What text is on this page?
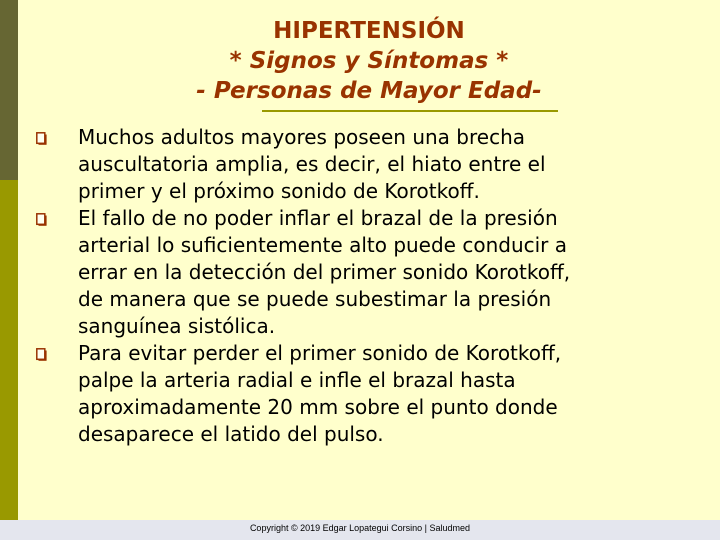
HIPERTENSIÓN
* Signos y Síntomas *
- Personas de Mayor Edad-
Muchos adultos mayores poseen una brecha
auscultatoria amplia, es decir, el hiato entre el
primer y el próximo sonido de Korotkoff.
El fallo de no poder inflar el brazal de la presión
arterial lo suficientemente alto puede conducir a
errar en la detección del primer sonido Korotkoff,
de manera que se puede subestimar la presión
sanguínea sistólica.
Para evitar perder el primer sonido de Korotkoff,
palpe la arteria radial e infle el brazal hasta
aproximadamente 20 mm sobre el punto donde
desaparece el latido del pulso.
Copyright © 2019 Edgar Lopategui Corsino | Saludmed
